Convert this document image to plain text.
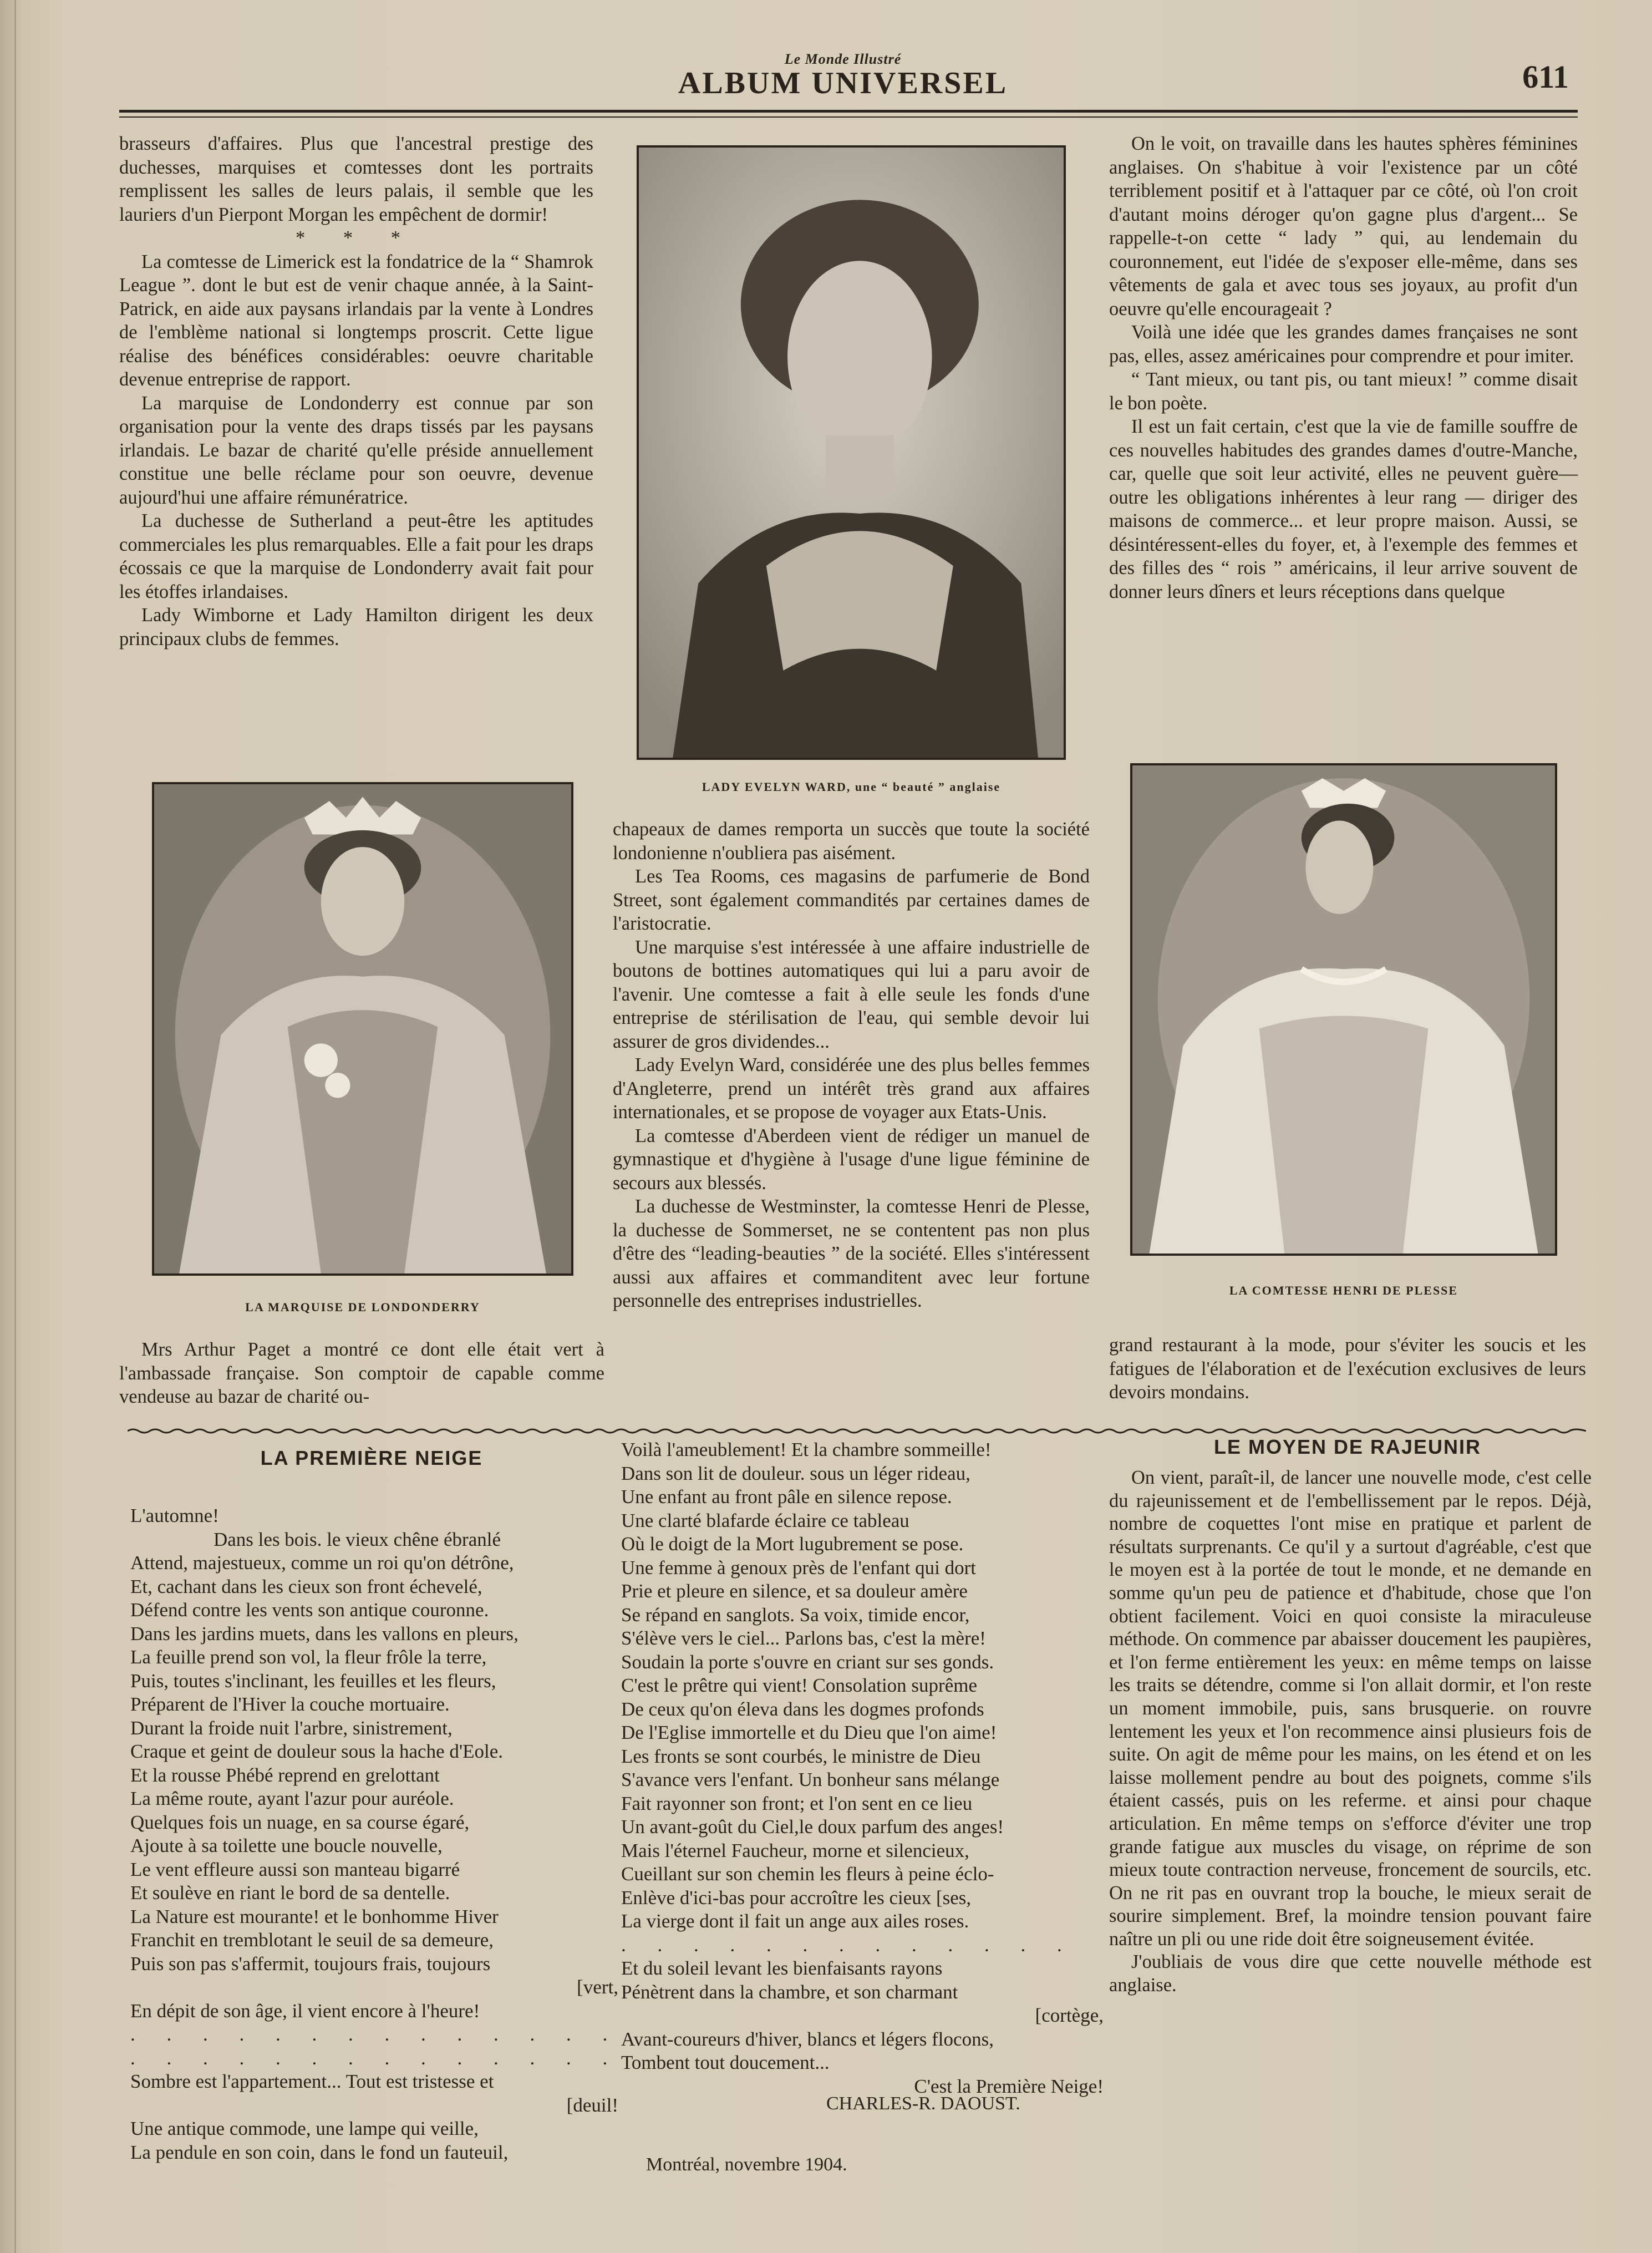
Le Monde Illustré
ALBUM UNIVERSEL	611

brasseurs d'affaires. Plus que l'ancestral prestige des duchesses, marquises et comtesses dont les portraits remplissent les salles de leurs palais, il semble que les lauriers d'un Pierpont Morgan les empêchent de dormir!

* * *

La comtesse de Limerick est la fondatrice de la “ Shamrok League ”. dont le but est de venir chaque année, à la Saint-Patrick, en aide aux paysans irlandais par la vente à Londres de l'emblème national si longtemps proscrit. Cette ligue réalise des bénéfices considérables: oeuvre charitable devenue entreprise de rapport.

La marquise de Londonderry est connue par son organisation pour la vente des draps tissés par les paysans irlandais. Le bazar de charité qu'elle préside annuellement constitue une belle réclame pour son oeuvre, devenue aujourd'hui une affaire rémunératrice.

La duchesse de Sutherland a peut-être les aptitudes commerciales les plus remarquables. Elle a fait pour les draps écossais ce que la marquise de Londonderry avait fait pour les étoffes irlandaises.

Lady Wimborne et Lady Hamilton dirigent les deux principaux clubs de femmes.

LADY EVELYN WARD, une “ beauté ” anglaise

On le voit, on travaille dans les hautes sphères féminines anglaises. On s'habitue à voir l'existence par un côté terriblement positif et à l'attaquer par ce côté, où l'on croit d'autant moins déroger qu'on gagne plus d'argent... Se rappelle-t-on cette “ lady ” qui, au lendemain du couronnement, eut l'idée de s'exposer elle-même, dans ses vêtements de gala et avec tous ses joyaux, au profit d'un oeuvre qu'elle encourageait ?

Voilà une idée que les grandes dames françaises ne sont pas, elles, assez américaines pour comprendre et pour imiter.

“ Tant mieux, ou tant pis, ou tant mieux! ” comme disait le bon poète.

Il est un fait certain, c'est que la vie de famille souffre de ces nouvelles habitudes des grandes dames d'outre-Manche, car, quelle que soit leur activité, elles ne peuvent guère—outre les obligations inhérentes à leur rang — diriger des maisons de commerce... et leur propre maison. Aussi, se désintéressent-elles du foyer, et, à l'exemple des femmes et des filles des “ rois ” américains, il leur arrive souvent de donner leurs dîners et leurs réceptions dans quelque

LA MARQUISE DE LONDONDERRY

chapeaux de dames remporta un succès que toute la société londonienne n'oubliera pas aisément.

Les Tea Rooms, ces magasins de parfumerie de Bond Street, sont également commandités par certaines dames de l'aristocratie.

Une marquise s'est intéressée à une affaire industrielle de boutons de bottines automatiques qui lui a paru avoir de l'avenir. Une comtesse a fait à elle seule les fonds d'une entreprise de stérilisation de l'eau, qui semble devoir lui assurer de gros dividendes...

Lady Evelyn Ward, considérée une des plus belles femmes d'Angleterre, prend un intérêt très grand aux affaires internationales, et se propose de voyager aux Etats-Unis.

La comtesse d'Aberdeen vient de rédiger un manuel de gymnastique et d'hygiène à l'usage d'une ligue féminine de secours aux blessés.

La duchesse de Westminster, la comtesse Henri de Plesse, la duchesse de Sommerset, ne se contentent pas non plus d'être des “leading-beauties ” de la société. Elles s'intéressent aussi aux affaires et commanditent avec leur fortune personnelle des entreprises industrielles.	LA COMTESSE HENRI DE PLESSE

Mrs Arthur Paget a montré ce dont elle était vert à l'ambassade française. Son comptoir de capable comme vendeuse au bazar de charité ou-

grand restaurant à la mode, pour s'éviter les soucis et les fatigues de l'élaboration et de l'exécution exclusives de leurs devoirs mondains.

LA PREMIÈRE NEIGE
L'automne!
Dans les bois. le vieux chêne ébranlé
Attend, majestueux, comme un roi qu'on détrône,
Et, cachant dans les cieux son front échevelé,
Défend contre les vents son antique couronne.
Dans les jardins muets, dans les vallons en pleurs,
La feuille prend son vol, la fleur frôle la terre,
Puis, toutes s'inclinant, les feuilles et les fleurs,
Préparent de l'Hiver la couche mortuaire.
Durant la froide nuit l'arbre, sinistrement,
Craque et geint de douleur sous la hache d'Eole.
Et la rousse Phébé reprend en grelottant
La même route, ayant l'azur pour auréole.
Quelques fois un nuage, en sa course égaré,
Ajoute à sa toilette une boucle nouvelle,
Le vent effleure aussi son manteau bigarré
Et soulève en riant le bord de sa dentelle.
La Nature est mourante! et le bonhomme Hiver
Franchit en tremblotant le seuil de sa demeure,
Puis son pas s'affermit, toujours frais, toujours
[vert,
En dépit de son âge, il vient encore à l'heure!
. . . . . . . . . . . . . .
. . . . . . . . . . . . . .
Sombre est l'appartement... Tout est tristesse et
[deuil!
Une antique commode, une lampe qui veille,
La pendule en son coin, dans le fond un fauteuil,
Voilà l'ameublement! Et la chambre sommeille!
Dans son lit de douleur. sous un léger rideau,
Une enfant au front pâle en silence repose.
Une clarté blafarde éclaire ce tableau
Où le doigt de la Mort lugubrement se pose.
Une femme à genoux près de l'enfant qui dort
Prie et pleure en silence, et sa douleur amère
Se répand en sanglots. Sa voix, timide encor,
S'élève vers le ciel... Parlons bas, c'est la mère!
Soudain la porte s'ouvre en criant sur ses gonds.
C'est le prêtre qui vient! Consolation suprême
De ceux qu'on éleva dans les dogmes profonds
De l'Eglise immortelle et du Dieu que l'on aime!
Les fronts se sont courbés, le ministre de Dieu
S'avance vers l'enfant. Un bonheur sans mélange
Fait rayonner son front; et l'on sent en ce lieu
Un avant-goût du Ciel,le doux parfum des anges!
Mais l'éternel Faucheur, morne et silencieux,
Cueillant sur son chemin les fleurs à peine éclo-
Enlève d'ici-bas pour accroître les cieux [ses,
La vierge dont il fait un ange aux ailes roses.
. . . . . . . . . . . . .
Et du soleil levant les bienfaisants rayons
Pénètrent dans la chambre, et son charmant
[cortège,
Avant-coureurs d'hiver, blancs et légers flocons,
Tombent tout doucement...
C'est la Première Neige!
CHARLES-R. DAOUST.
Montréal, novembre 1904.
LE MOYEN DE RAJEUNIR

On vient, paraît-il, de lancer une nouvelle mode, c'est celle du rajeunissement et de l'embellissement par le repos. Déjà, nombre de coquettes l'ont mise en pratique et parlent de résultats surprenants. Ce qu'il y a surtout d'agréable, c'est que le moyen est à la portée de tout le monde, et ne demande en somme qu'un peu de patience et d'habitude, chose que l'on obtient facilement. Voici en quoi consiste la miraculeuse méthode. On commence par abaisser doucement les paupières, et l'on ferme entièrement les yeux: en même temps on laisse les traits se détendre, comme si l'on allait dormir, et l'on reste un moment immobile, puis, sans brusquerie. on rouvre lentement les yeux et l'on recommence ainsi plusieurs fois de suite. On agit de même pour les mains, on les étend et on les laisse mollement pendre au bout des poignets, comme s'ils étaient cassés, puis on les referme. et ainsi pour chaque articulation. En même temps on s'efforce d'éviter une trop grande fatigue aux muscles du visage, on réprime de son mieux toute contraction nerveuse, froncement de sourcils, etc. On ne rit pas en ouvrant trop la bouche, le mieux serait de sourire simplement. Bref, la moindre tension pouvant faire naître un pli ou une ride doit être soigneusement évitée.

J'oubliais de vous dire que cette nouvelle méthode est anglaise.
